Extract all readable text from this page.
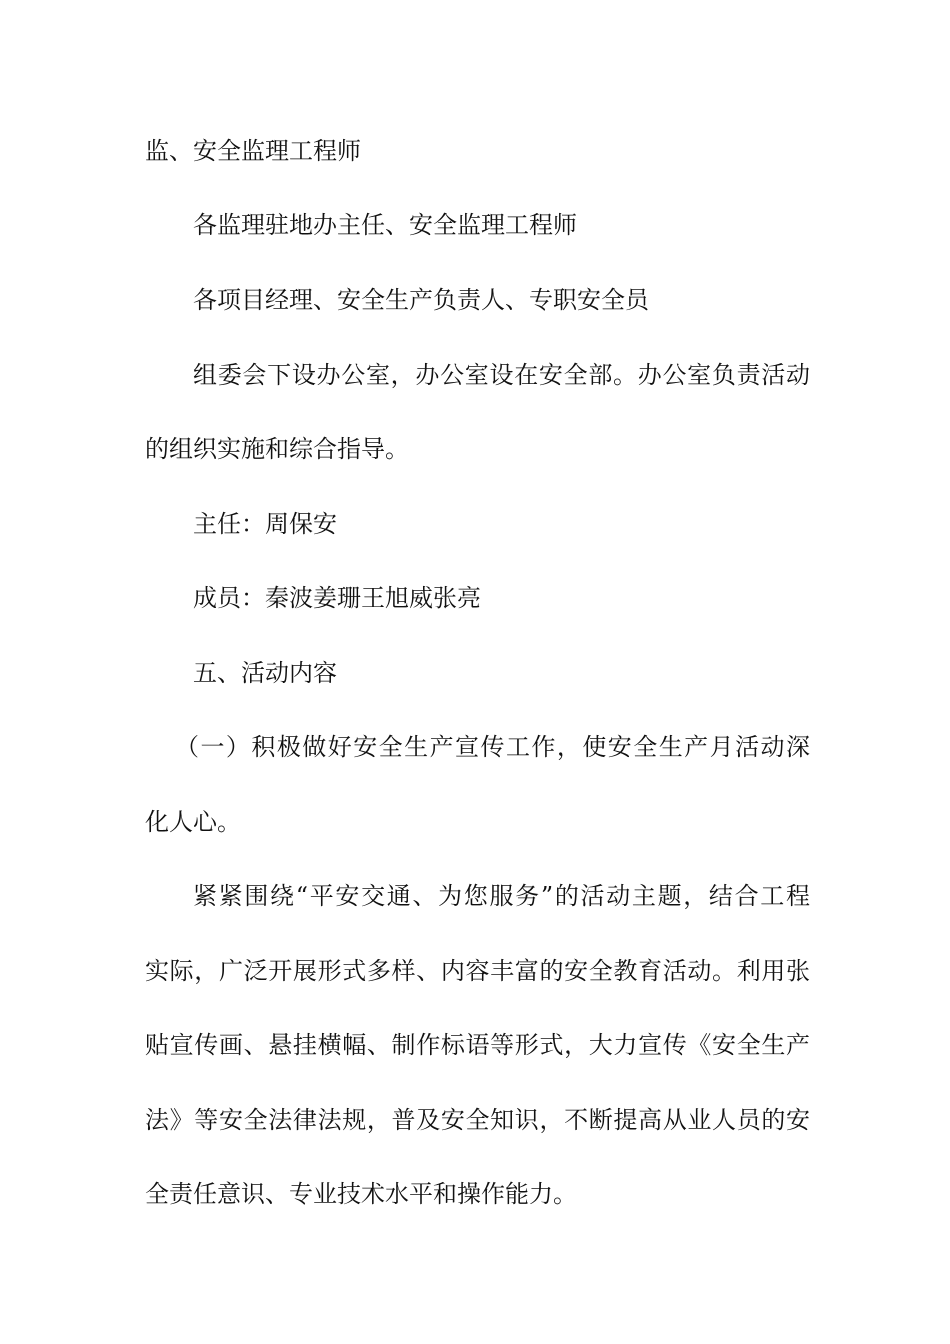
监、安全监理工程师
各监理驻地办主任、安全监理工程师
各项目经理、安全生产负责人、专职安全员
组委会下设办公室，办公室设在安全部。办公室负责活动
的组织实施和综合指导。
主任：周保安
成员：秦波姜珊王旭威张亮
五、活动内容
（一）积极做好安全生产宣传工作，使安全生产月活动深
化人心。
紧紧围绕“平安交通、为您服务”的活动主题，结合工程
实际，广泛开展形式多样、内容丰富的安全教育活动。利用张
贴宣传画、悬挂横幅、制作标语等形式，大力宣传《安全生产
法》等安全法律法规，普及安全知识，不断提高从业人员的安
全责任意识、专业技术水平和操作能力。
